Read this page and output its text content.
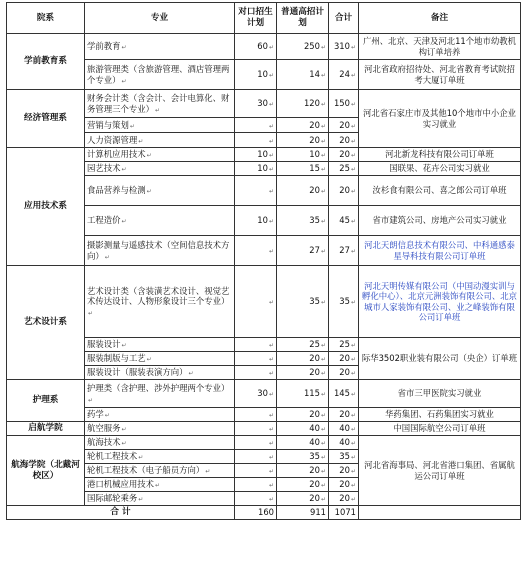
院系	专业	对口招生计划	普通高招计划	合计	备注
学前教育系	学前教育↵	60↵	250↵	310↵	广州、北京、天津及河北11个地市幼教机构订单培养
	旅游管理类（含旅游管理、酒店管理两个专业）↵	10↵	14↵	24↵	河北省政府招待处、河北省教育考试院招考大厦订单班
经济管理系	财务会计类（含会计、会计电算化、财务管理三个专业）↵	30↵	120↵	150↵	河北省石家庄市及其他10个地市中小企业实习就业
	营销与策划↵	↵	20↵	20↵	
	人力资源管理↵	↵	20↵	20↵	
应用技术系	计算机应用技术↵	10↵	10↵	20↵	河北新龙科技有限公司订单班
	园艺技术↵	10↵	15↵	25↵	国联果、花卉公司实习就业
	食品营养与检测↵	↵	20↵	20↵	汝杉食有限公司、喜之郎公司订单班
	工程造价↵	10↵	35↵	45↵	省市建筑公司、房地产公司实习就业
	摄影测量与遥感技术（空间信息技术方向）↵	↵	27↵	27↵	河北天朗信息技术有限公司、中科通感泰星导科技有限公司订单班
艺术设计系	艺术设计类（含装潢艺术设计、视觉艺术传达设计、人物形象设计三个专业）↵	↵	35↵	35↵	河北天明传媒有限公司（中国动漫实训与孵化中心）、北京元洲装饰有限公司、北京城市人家装饰有限公司、业之峰装饰有限公司订单班
	服装设计↵	↵	25↵	25↵	际华3502职业装有限公司（央企）订单班
	服装制版与工艺↵	↵	20↵	20↵	
	服装设计（服装表演方向）↵	↵	20↵	20↵	
护理系	护理类（含护理、涉外护理两个专业）↵	30↵	115↵	145↵	省市三甲医院实习就业
	药学↵	↵	20↵	20↵	华药集团、石药集团实习就业
启航学院	航空服务↵	↵	40↵	40↵	中国国际航空公司订单班
航海学院（北戴河校区）	航海技术↵	↵	40↵	40↵	河北省海事局、河北省港口集团、省属航运公司订单班
	轮机工程技术↵	↵	35↵	35↵	
	轮机工程技术（电子船员方向）↵	↵	20↵	20↵	
	港口机械应用技术↵	↵	20↵	20↵	
	国际邮轮乘务↵	↵	20↵	20↵	
合 计		160	911	1071	
